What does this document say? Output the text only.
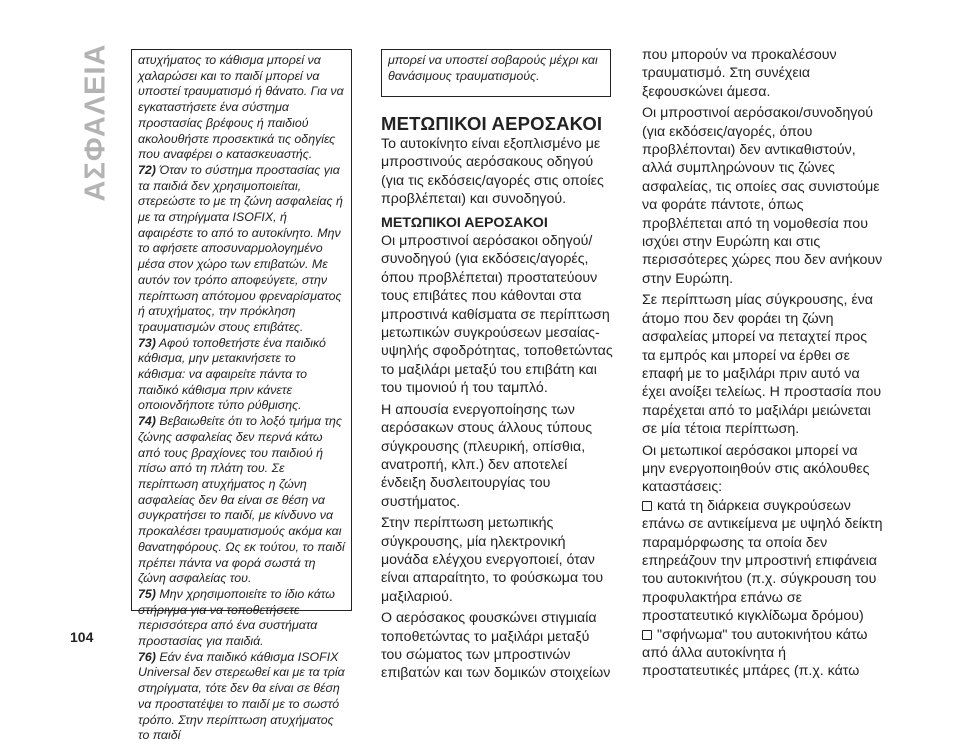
ΑΣΦΑΛΕΙΑ ατυχήματος το κάθισμα μπορεί να χαλαρώσει και το παιδί μπορεί να υποστεί τραυματισμό ή θάνατο. Για να εγκαταστήσετε ένα σύστημα προστασίας βρέφους ή παιδιού ακολουθήστε προσεκτικά τις οδηγίες που αναφέρει ο κατασκευαστής.

72) Όταν το σύστημα προστασίας για τα παιδιά δεν χρησιμοποιείται, στερεώστε το με τη ζώνη ασφαλείας ή με τα στηρίγματα ISOFIX, ή αφαιρέστε το από το αυτοκίνητο. Μην το αφήσετε αποσυναρμολογημένο μέσα στον χώρο των επιβατών. Με αυτόν τον τρόπο αποφεύγετε, στην περίπτωση απότομου φρεναρίσματος ή ατυχήματος, την πρόκληση τραυματισμών στους επιβάτες.

73) Αφού τοποθετήστε ένα παιδικό κάθισμα, μην μετακινήσετε το κάθισμα: να αφαιρείτε πάντα το παιδικό κάθισμα πριν κάνετε οποιονδήποτε τύπο ρύθμισης.

74) Βεβαιωθείτε ότι το λοξό τμήμα της ζώνης ασφαλείας δεν περνά κάτω από τους βραχίονες του παιδιού ή πίσω από τη πλάτη του. Σε περίπτωση ατυχήματος η ζώνη ασφαλείας δεν θα είναι σε θέση να συγκρατήσει το παιδί, με κίνδυνο να προκαλέσει τραυματισμούς ακόμα και θανατηφόρους. Ως εκ τούτου, το παιδί πρέπει πάντα να φορά σωστά τη ζώνη ασφαλείας του.

75) Μην χρησιμοποιείτε το ίδιο κάτω στήριγμα για να τοποθετήσετε περισσότερα από ένα συστήματα προστασίας για παιδιά.

76) Εάν ένα παιδικό κάθισμα ISOFIX Universal δεν στερεωθεί και με τα τρία στηρίγματα, τότε δεν θα είναι σε θέση να προστατέψει το παιδί με το σωστό τρόπο. Στην περίπτωση ατυχήματος το παιδί

μπορεί να υποστεί σοβαρούς μέχρι και θανάσιμους τραυματισμούς.

ΜΕΤΩΠΙΚΟΙ ΑΕΡΟΣΑΚΟΙ

Το αυτοκίνητο είναι εξοπλισμένο με μπροστινούς αερόσακους οδηγού (για τις εκδόσεις/αγορές στις οποίες προβλέπεται) και συνοδηγού.

ΜΕΤΩΠΙΚΟΙ ΑΕΡΟΣΑΚΟΙ

Οι μπροστινοί αερόσακοι οδηγού/συνοδηγού (για εκδόσεις/αγορές, όπου προβλέπεται) προστατεύουν τους επιβάτες που κάθονται στα μπροστινά καθίσματα σε περίπτωση μετωπικών συγκρούσεων μεσαίας-υψηλής σφοδρότητας, τοποθετώντας το μαξιλάρι μεταξύ του επιβάτη και του τιμονιού ή του ταμπλό.

Η απουσία ενεργοποίησης των αερόσακων στους άλλους τύπους σύγκρουσης (πλευρική, οπίσθια, ανατροπή, κλπ.) δεν αποτελεί ένδειξη δυσλειτουργίας του συστήματος.

Στην περίπτωση μετωπικής σύγκρουσης, μία ηλεκτρονική μονάδα ελέγχου ενεργοποιεί, όταν είναι απαραίτητο, το φούσκωμα του μαξιλαριού.

Ο αερόσακος φουσκώνει στιγμιαία τοποθετώντας το μαξιλάρι μεταξύ του σώματος των μπροστινών επιβατών και των δομικών στοιχείων

που μπορούν να προκαλέσουν τραυματισμό. Στη συνέχεια ξεφουσκώνει άμεσα.

Οι μπροστινοί αερόσακοι/συνοδηγού (για εκδόσεις/αγορές, όπου προβλέπονται) δεν αντικαθιστούν, αλλά συμπληρώνουν τις ζώνες ασφαλείας, τις οποίες σας συνιστούμε να φοράτε πάντοτε, όπως προβλέπεται από τη νομοθεσία που ισχύει στην Ευρώπη και στις περισσότερες χώρες που δεν ανήκουν στην Ευρώπη.

Σε περίπτωση μίας σύγκρουσης, ένα άτομο που δεν φοράει τη ζώνη ασφαλείας μπορεί να πεταχτεί προς τα εμπρός και μπορεί να έρθει σε επαφή με το μαξιλάρι πριν αυτό να έχει ανοίξει τελείως. Η προστασία που παρέχεται από το μαξιλάρι μειώνεται σε μία τέτοια περίπτωση.

Οι μετωπικοί αερόσακοι μπορεί να μην ενεργοποιηθούν στις ακόλουθες καταστάσεις:

κατά τη διάρκεια συγκρούσεων επάνω σε αντικείμενα με υψηλό δείκτη παραμόρφωσης τα οποία δεν επηρεάζουν την μπροστινή επιφάνεια του αυτοκινήτου (π.χ. σύγκρουση του προφυλακτήρα επάνω σε προστατευτικό κιγκλίδωμα δρόμου)

"σφήνωμα" του αυτοκινήτου κάτω από άλλα αυτοκίνητα ή προστατευτικές μπάρες (π.χ. κάτω

104
